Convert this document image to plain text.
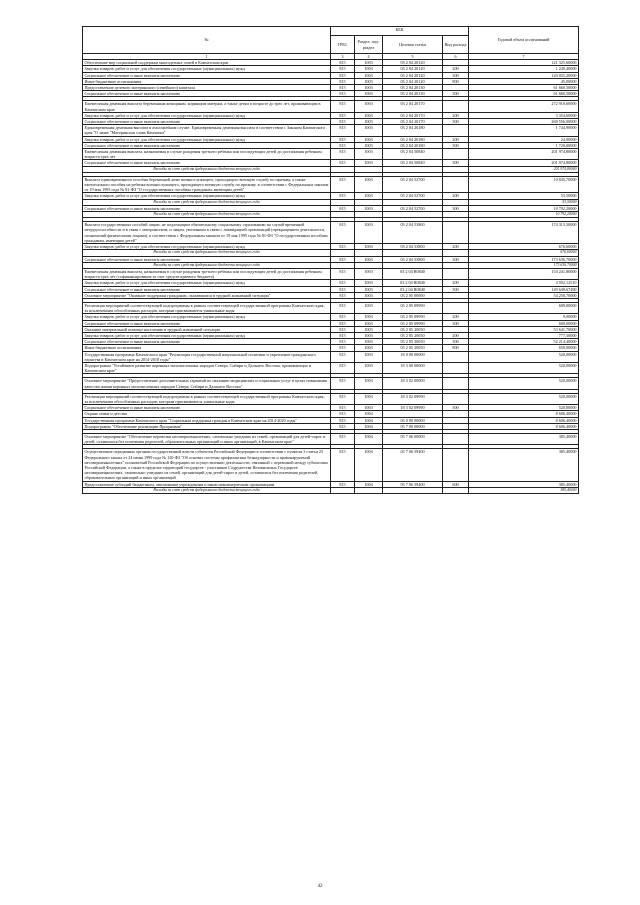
№	КБК				Годовой объем ассигнований
	ГРБС	Раздел, под-раздел	Целевая статья	Вид расхода	
1	3	4	5	6	7
Обеспечение мер социальной поддержки многодетных семей в Камчатском крае	815	1003	03 2 04 20120		121 325,60000
Закупка товаров, работ и услуг для обеспечения государственных (муниципальных) нужд	815	1003	03 2 04 20120	200	1 249,40000
Социальное обеспечение и иные выплаты населению	815	1003	03 2 04 20120	300	120 031,20000
Иные бюджетные ассигнования	815	1003	03 2 04 20120	800	45,00000
Предоставление целевого материнского (семейного) капитала	815	1003	03 2 04 20130		61 660,50000
Социальное обеспечение и иные выплаты населению	815	1003	03 2 04 20130	300	61 660,50000

Ежемесячная денежная выплата беременным женщинам, кормящим матерям, а также детям в возрасте до трех лет, проживающим в Камчатском крае	815	1003	03 2 04 20170		272 910,60000
Закупка товаров, работ и услуг для обеспечения государственных (муниципальных) нужд	815	1003	03 2 04 20170	200	3 354,60000
Социальное обеспечение и иные выплаты населению	815	1003	03 2 04 20170	300	269 556,00000
Единовременная денежная выплата в associatedном случае: Единовременная денежная выплата в соответствии с Законом Камчатского края "О знаке "Материнская слава Камчатки"	815	1003	03 2 04 20180		1 744,90000
Закупка товаров, работ и услуг для обеспечения государственных (муниципальных) нужд	815	1003	03 2 04 20180	200	24,90000
Социальное обеспечение и иные выплаты населению	815	1003	03 2 04 20180	300	1 720,00000
Ежемесячная денежная выплата, назначаемая в случае рождения третьего ребенка или последующих детей до достижения ребенком возраста трех лет	815	1003	03 2 04 50840		201 974,80000
Социальное обеспечение и иные выплаты населению	815	1003	03 2 04 50840	300	201 974,80000
Расходы за счет средств федерального бюджета текущего года					201 974,80000

Выплата единовременного пособия беременной жене военнослужащего, проходящего военную службу по призыву, а также ежемесячного пособия на ребенка военнослужащего, проходящего военную службу по призыву, в соответствии с Федеральным законом от 19 мая 1995 года № 81-ФЗ "О государственных пособиях гражданам, имеющим детей"	815	1003	03 2 04 52700		10 845,70000
Закупка товаров, работ и услуг для обеспечения государственных (муниципальных) нужд	815	1003	03 2 04 52700	200	53,50000
Расходы за счет средств федерального бюджета текущего года					53,50000
Социальное обеспечение и иные выплаты населению	815	1003	03 2 04 52700	300	10 792,20000
Расходы за счет средств федерального бюджета текущего года					10 792,20000

Выплата государственных пособий лицам, не подлежащим обязательному социальному страхованию на случай временной нетрудоспособности и в связи с материнством, и лицам, уволенным в связи с ликвидацией организаций (прекращением деятельности, полномочий физическими лицами), в соответствии с Федеральным законом от 19 мая 1995 года № 81-ФЗ "О государственных пособиях гражданам, имеющим детей"	815	1003	03 2 04 53800		174 313,30000
Закупка товаров, работ и услуг для обеспечения государственных (муниципальных) нужд	815	1003	03 2 04 53800	200	676,60000
Расходы за счет средств федерального бюджета текущего года					676,60000
Социальное обеспечение и иные выплаты населению	815	1003	03 2 04 53800	300	173 636,70000
Расходы за счет средств федерального бюджета текущего года					173 636,70000
Ежемесячная денежная выплата, назначаемая в случае рождения третьего ребенка или последующих детей до достижения ребенком возраста трех лет (софинансирование за счет средств краевого бюджета)	815	1003	03 2 04 R0840		154 241,80000
Закупка товаров, работ и услуг для обеспечения государственных (муниципальных) нужд	815	1003	03 2 04 R0840	200	4 592,12510
Социальное обеспечение и иные выплаты населению	815	1003	03 2 04 R0840	300	149 649,67490
Основное мероприятие "Оказание поддержки гражданам, оказавшимся в трудной жизненной ситуации"	815	1003	03 2 05 00000		54 250,70000

Реализация мероприятий соответствующей подпрограммы в рамках соответствующей государственной программы Камчатского края, за исключением обособленных расходов, которым присваиваются уникальные коды	815	1003	03 2 05 09990		609,00000
Закупка товаров, работ и услуг для обеспечения государственных (муниципальных) нужд	815	1003	03 2 05 09990	200	9,00000
Социальное обеспечение и иные выплаты населению	815	1003	03 2 05 09990	300	600,00000
Оказание материальной помощи населению в трудной жизненной ситуации	815	1003	03 2 05 20050		53 641,70000
Закупка товаров, работ и услуг для обеспечения государственных (муниципальных) нужд	815	1003	03 2 05 20050	200	777,30000
Социальное обеспечение и иные выплаты населению	815	1003	03 2 05 20050	300	52 214,40000
Иные бюджетные ассигнования	815	1003	03 2 05 20050	800	650,00000
Государственная программа Камчатского края "Реализация государственной национальной политики и укрепление гражданского единства в Камчатском крае на 2014-2018 годы"	815	1003	18 0 00 00000		520,00000
Подпрограмма "Устойчивое развитие коренных малочисленных народов Севера, Сибири и Дальнего Востока, проживающих в Камчатском крае"	815	1003	18 3 00 00000		520,00000

Основное мероприятие "Предоставление дополнительных гарантий по оказанию медицинских и социальных услуг в целях повышения качества жизни коренных малочисленных народов Севера, Сибири и Дальнего Востока"	815	1003	18 3 02 00000		520,00000

Реализация мероприятий соответствующей подпрограммы в рамках соответствующей государственной программы Камчатского края, за исключением обособленных расходов, которым присваиваются уникальные коды	815	1003	18 3 02 09990		520,00000
Социальное обеспечение и иные выплаты населению	815	1003	18 3 02 09990	300	520,00000
Охрана семьи и детства	815	1004			8 606,40000
Государственная программа Камчатского края "Социальная поддержка граждан в Камчатском крае на 2014-2020 годы"	815	1004	03 0 00 00000		8 606,40000
Подпрограмма "Обеспечение реализации Программы"	815	1004	03 7 00 00000		8 606,40000

Основное мероприятие "Обеспечение перевозки несовершеннолетних, самовольно ушедших из семей, организаций для детей-сирот и детей, оставшихся без попечения родителей, образовательных организаций и иных организаций, в Камчатском крае"	815	1004	03 7 06 00000		385,40000

Осуществление переданных органам государственной власти субъектов Российской Федерации в соответствии с пунктом 3 статьи 25 Федерального закона от 24 июня 1999 года № 120-ФЗ "Об основах системы профилактики безнадзорности и правонарушений несовершеннолетних" полномочий Российской Федерации по осуществлению деятельности, связанной с перевозкой между субъектами Российской Федерации, а также в пределах территорий государств - участников Содружества Независимых Государств несовершеннолетних, самовольно ушедших из семей, организаций для детей-сирот и детей, оставшихся без попечения родителей, образовательных организаций и иных организаций	815	1004	03 7 06 59400		385,40000
Предоставление субсидий бюджетным, автономным учреждениям и иным некоммерческим организациям	815	1004	03 7 06 59400	600	385,40000
Расходы за счет средств федерального бюджета текущего года					385,40000
42
